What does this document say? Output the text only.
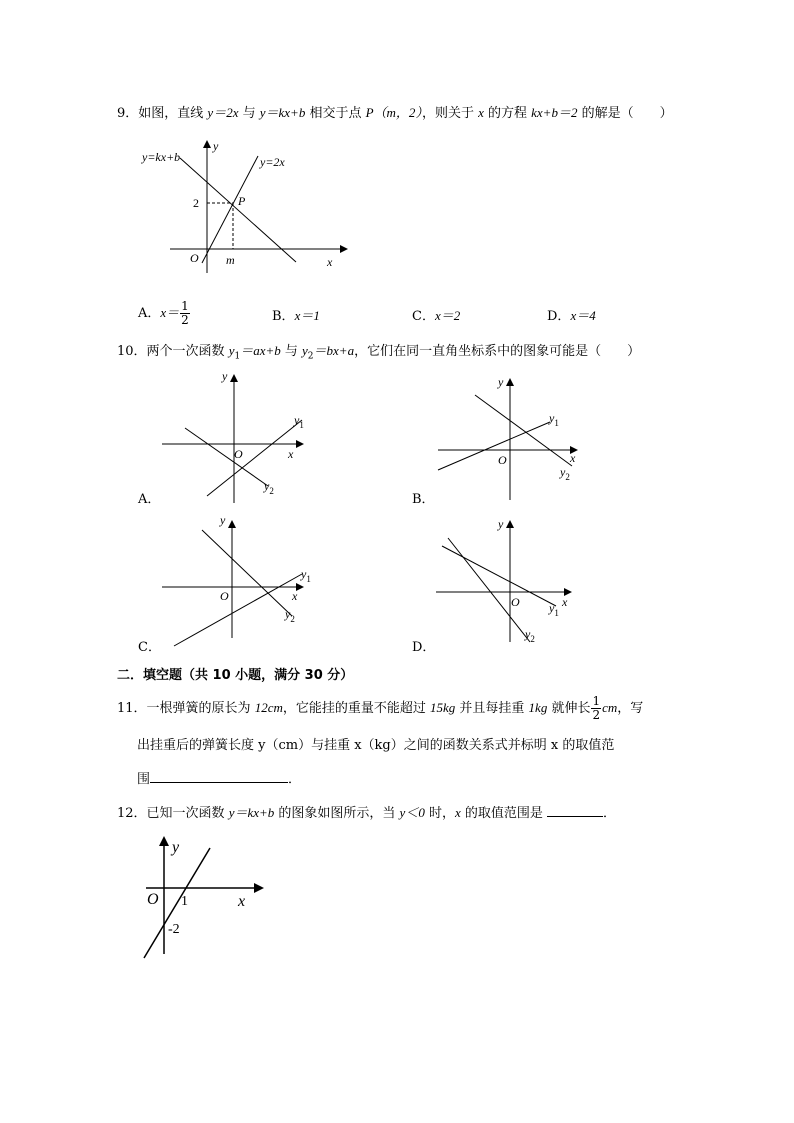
9．如图，直线 y＝2x 与 y＝kx+b 相交于点 P（m，2），则关于 x 的方程 kx+b＝2 的解是（　　）
y=kx+b	y=2x
y
x
O
2
m
P
A．$x= \frac{1}{2}$	B．x＝1	C．x＝2	D．x＝4
10．两个一次函数 $y_1=ax+b$ 与 $y_2=bx+a$，它们在同一直角坐标系中的图象可能是（　　）
y
x
O
$y_1$
$y_2$
A．
y
x
O
$y_1$
$y_2$
B．
y
x
O
$y_1$
$y_2$
C．
y
x
O $y_1$
$y_2$
D．
二．填空题（共 10 小题，满分 30 分）
11．一根弹簧的原长为 12cm，它能挂的重量不能超过 15kg 并且每挂重 1kg 就伸长 $\frac{1}{2}$ cm，写
出挂重后的弹簧长度 y（cm）与挂重 x（kg）之间的函数关系式并标明 x 的取值范
围	．
12．已知一次函数 y＝kx+b 的图象如图所示，当 y＜0 时，x 的取值范围是	．
y
x
O 1
-2
